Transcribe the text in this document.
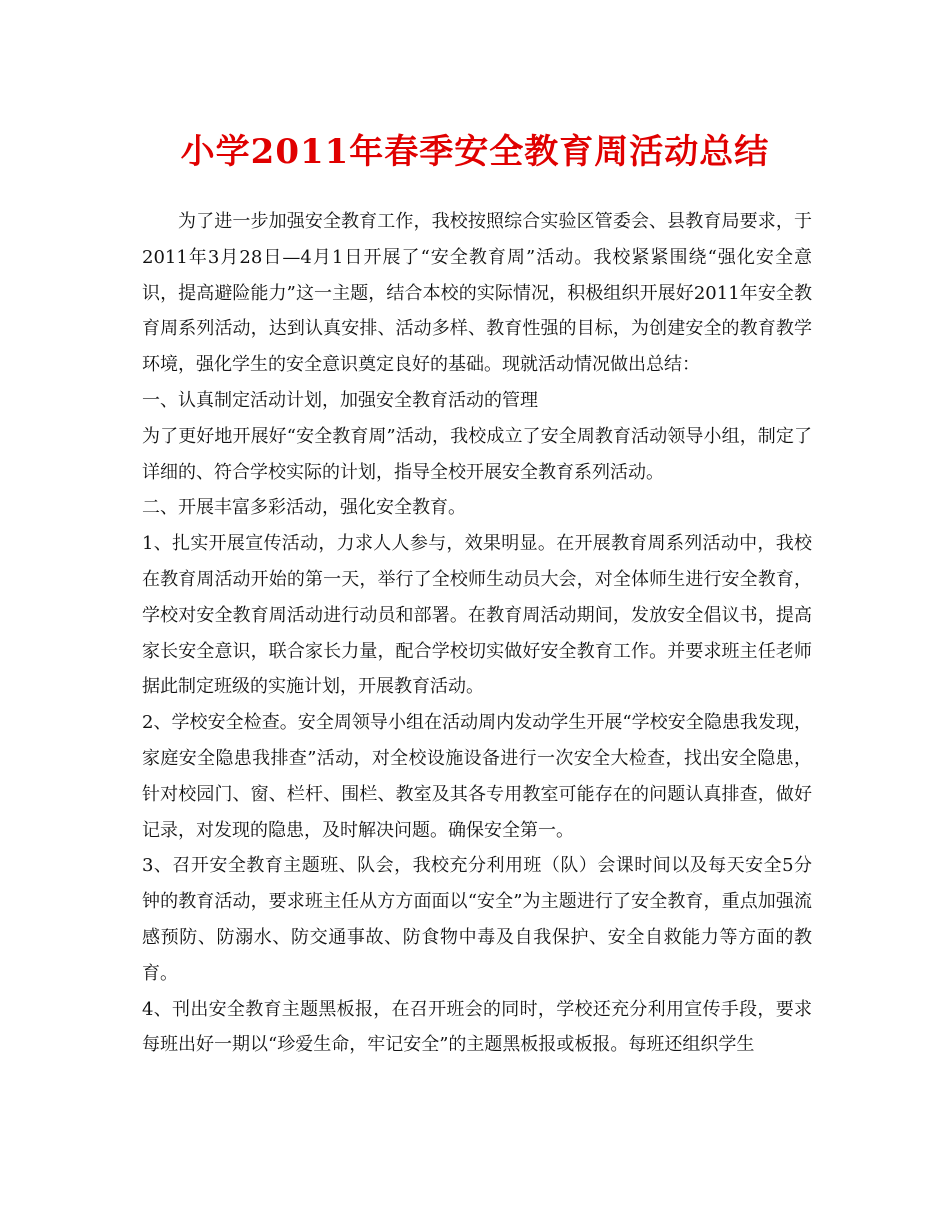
小学2011年春季安全教育周活动总结

为了进一步加强安全教育工作，我校按照综合实验区管委会、县教育局要求，于2011年3月28日—4月1日开展了“安全教育周”活动。我校紧紧围绕“强化安全意识，提高避险能力”这一主题，结合本校的实际情况，积极组织开展好2011年安全教育周系列活动，达到认真安排、活动多样、教育性强的目标，为创建安全的教育教学环境，强化学生的安全意识奠定良好的基础。现就活动情况做出总结：

一、认真制定活动计划，加强安全教育活动的管理

为了更好地开展好“安全教育周”活动，我校成立了安全周教育活动领导小组，制定了详细的、符合学校实际的计划，指导全校开展安全教育系列活动。

二、开展丰富多彩活动，强化安全教育。

1、扎实开展宣传活动，力求人人参与，效果明显。在开展教育周系列活动中，我校在教育周活动开始的第一天，举行了全校师生动员大会，对全体师生进行安全教育，学校对安全教育周活动进行动员和部署。在教育周活动期间，发放安全倡议书，提高家长安全意识，联合家长力量，配合学校切实做好安全教育工作。并要求班主任老师据此制定班级的实施计划，开展教育活动。

2、学校安全检查。安全周领导小组在活动周内发动学生开展“学校安全隐患我发现，家庭安全隐患我排查”活动，对全校设施设备进行一次安全大检查，找出安全隐患，针对校园门、窗、栏杆、围栏、教室及其各专用教室可能存在的问题认真排查，做好记录，对发现的隐患，及时解决问题。确保安全第一。

3、召开安全教育主题班、队会，我校充分利用班（队）会课时间以及每天安全5分钟的教育活动，要求班主任从方方面面以“安全”为主题进行了安全教育，重点加强流感预防、防溺水、防交通事故、防食物中毒及自我保护、安全自救能力等方面的教育。

4、刊出安全教育主题黑板报，在召开班会的同时，学校还充分利用宣传手段，要求每班出好一期以“珍爱生命，牢记安全”的主题黑板报或板报。每班还组织学生
